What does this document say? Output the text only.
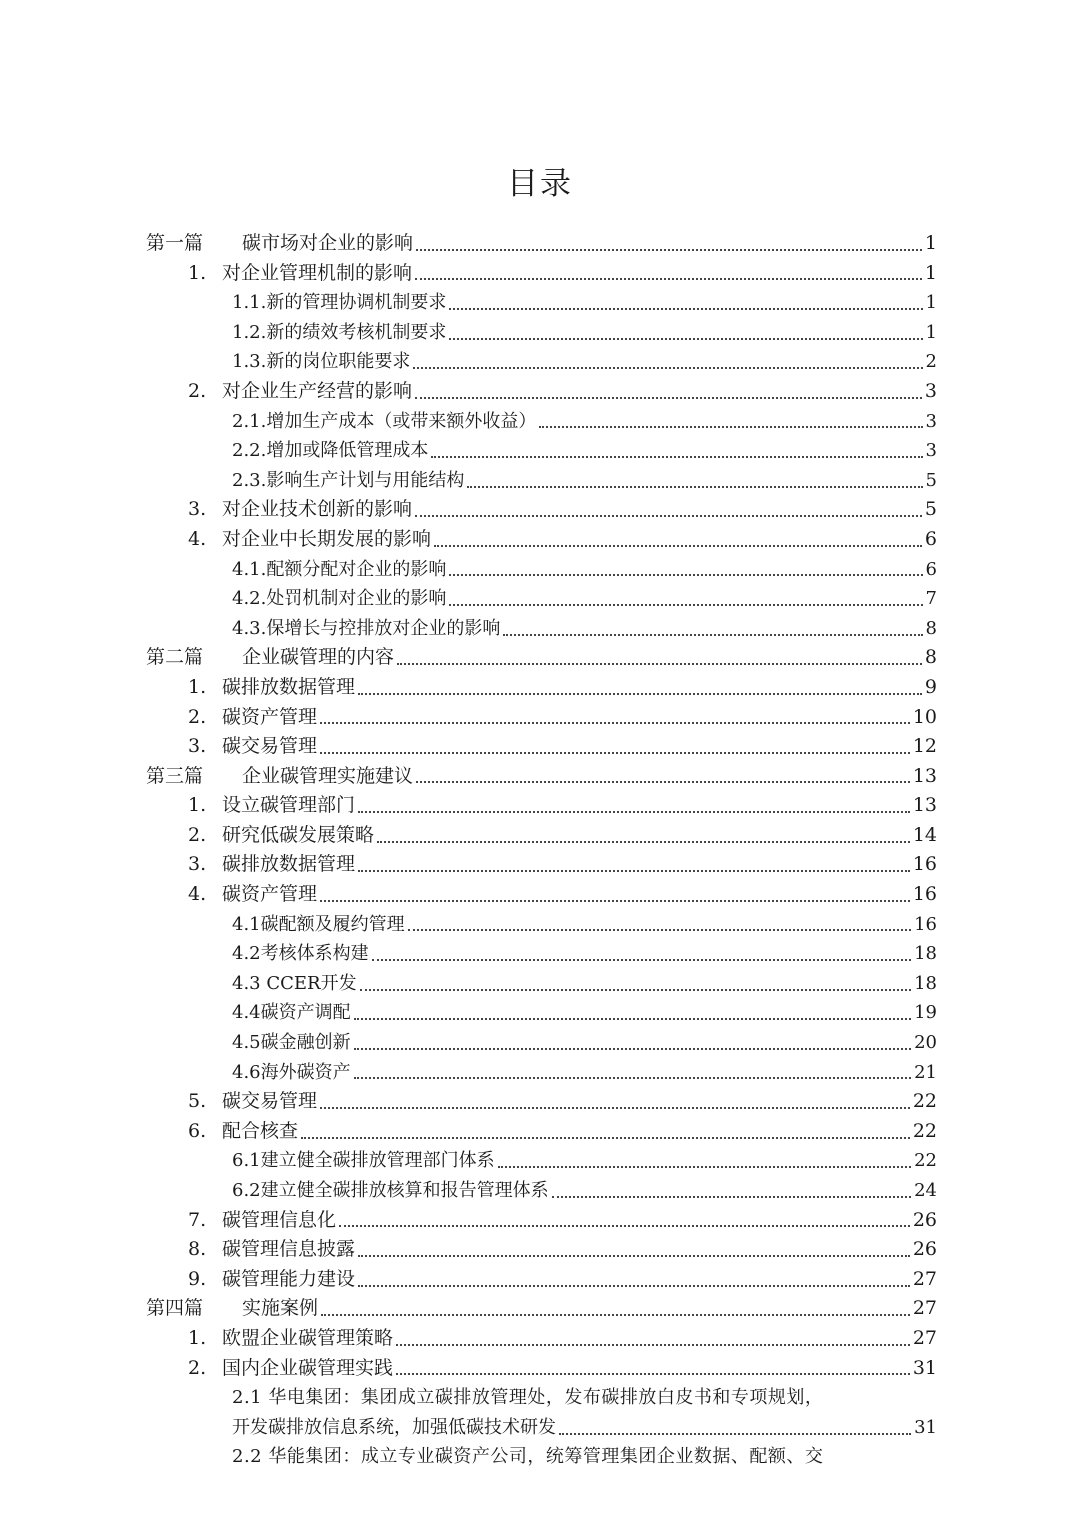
目录
第一篇	碳市场对企业的影响	1
1. 对企业管理机制的影响	1
1.1.新的管理协调机制要求	1
1.2.新的绩效考核机制要求	1
1.3.新的岗位职能要求	2
2. 对企业生产经营的影响	3
2.1.增加生产成本（或带来额外收益）	3
2.2.增加或降低管理成本	3
2.3.影响生产计划与用能结构	5
3. 对企业技术创新的影响	5
4. 对企业中长期发展的影响	6
4.1.配额分配对企业的影响	6
4.2.处罚机制对企业的影响	7
4.3.保增长与控排放对企业的影响	8
第二篇	企业碳管理的内容	8
1. 碳排放数据管理	9
2. 碳资产管理	10
3. 碳交易管理	12
第三篇	企业碳管理实施建议	13
1. 设立碳管理部门	13
2. 研究低碳发展策略	14
3. 碳排放数据管理	16
4. 碳资产管理	16
4.1碳配额及履约管理	16
4.2考核体系构建	18
4.3 CCER开发	18
4.4碳资产调配	19
4.5碳金融创新	20
4.6海外碳资产	21
5. 碳交易管理	22
6. 配合核查	22
6.1建立健全碳排放管理部门体系	22
6.2建立健全碳排放核算和报告管理体系	24
7. 碳管理信息化	26
8. 碳管理信息披露	26
9. 碳管理能力建设	27
第四篇	实施案例	27
1. 欧盟企业碳管理策略	27
2. 国内企业碳管理实践	31
2.1 华电集团：集团成立碳排放管理处，发布碳排放白皮书和专项规划，
开发碳排放信息系统，加强低碳技术研发	31
2.2 华能集团：成立专业碳资产公司，统筹管理集团企业数据、配额、交
